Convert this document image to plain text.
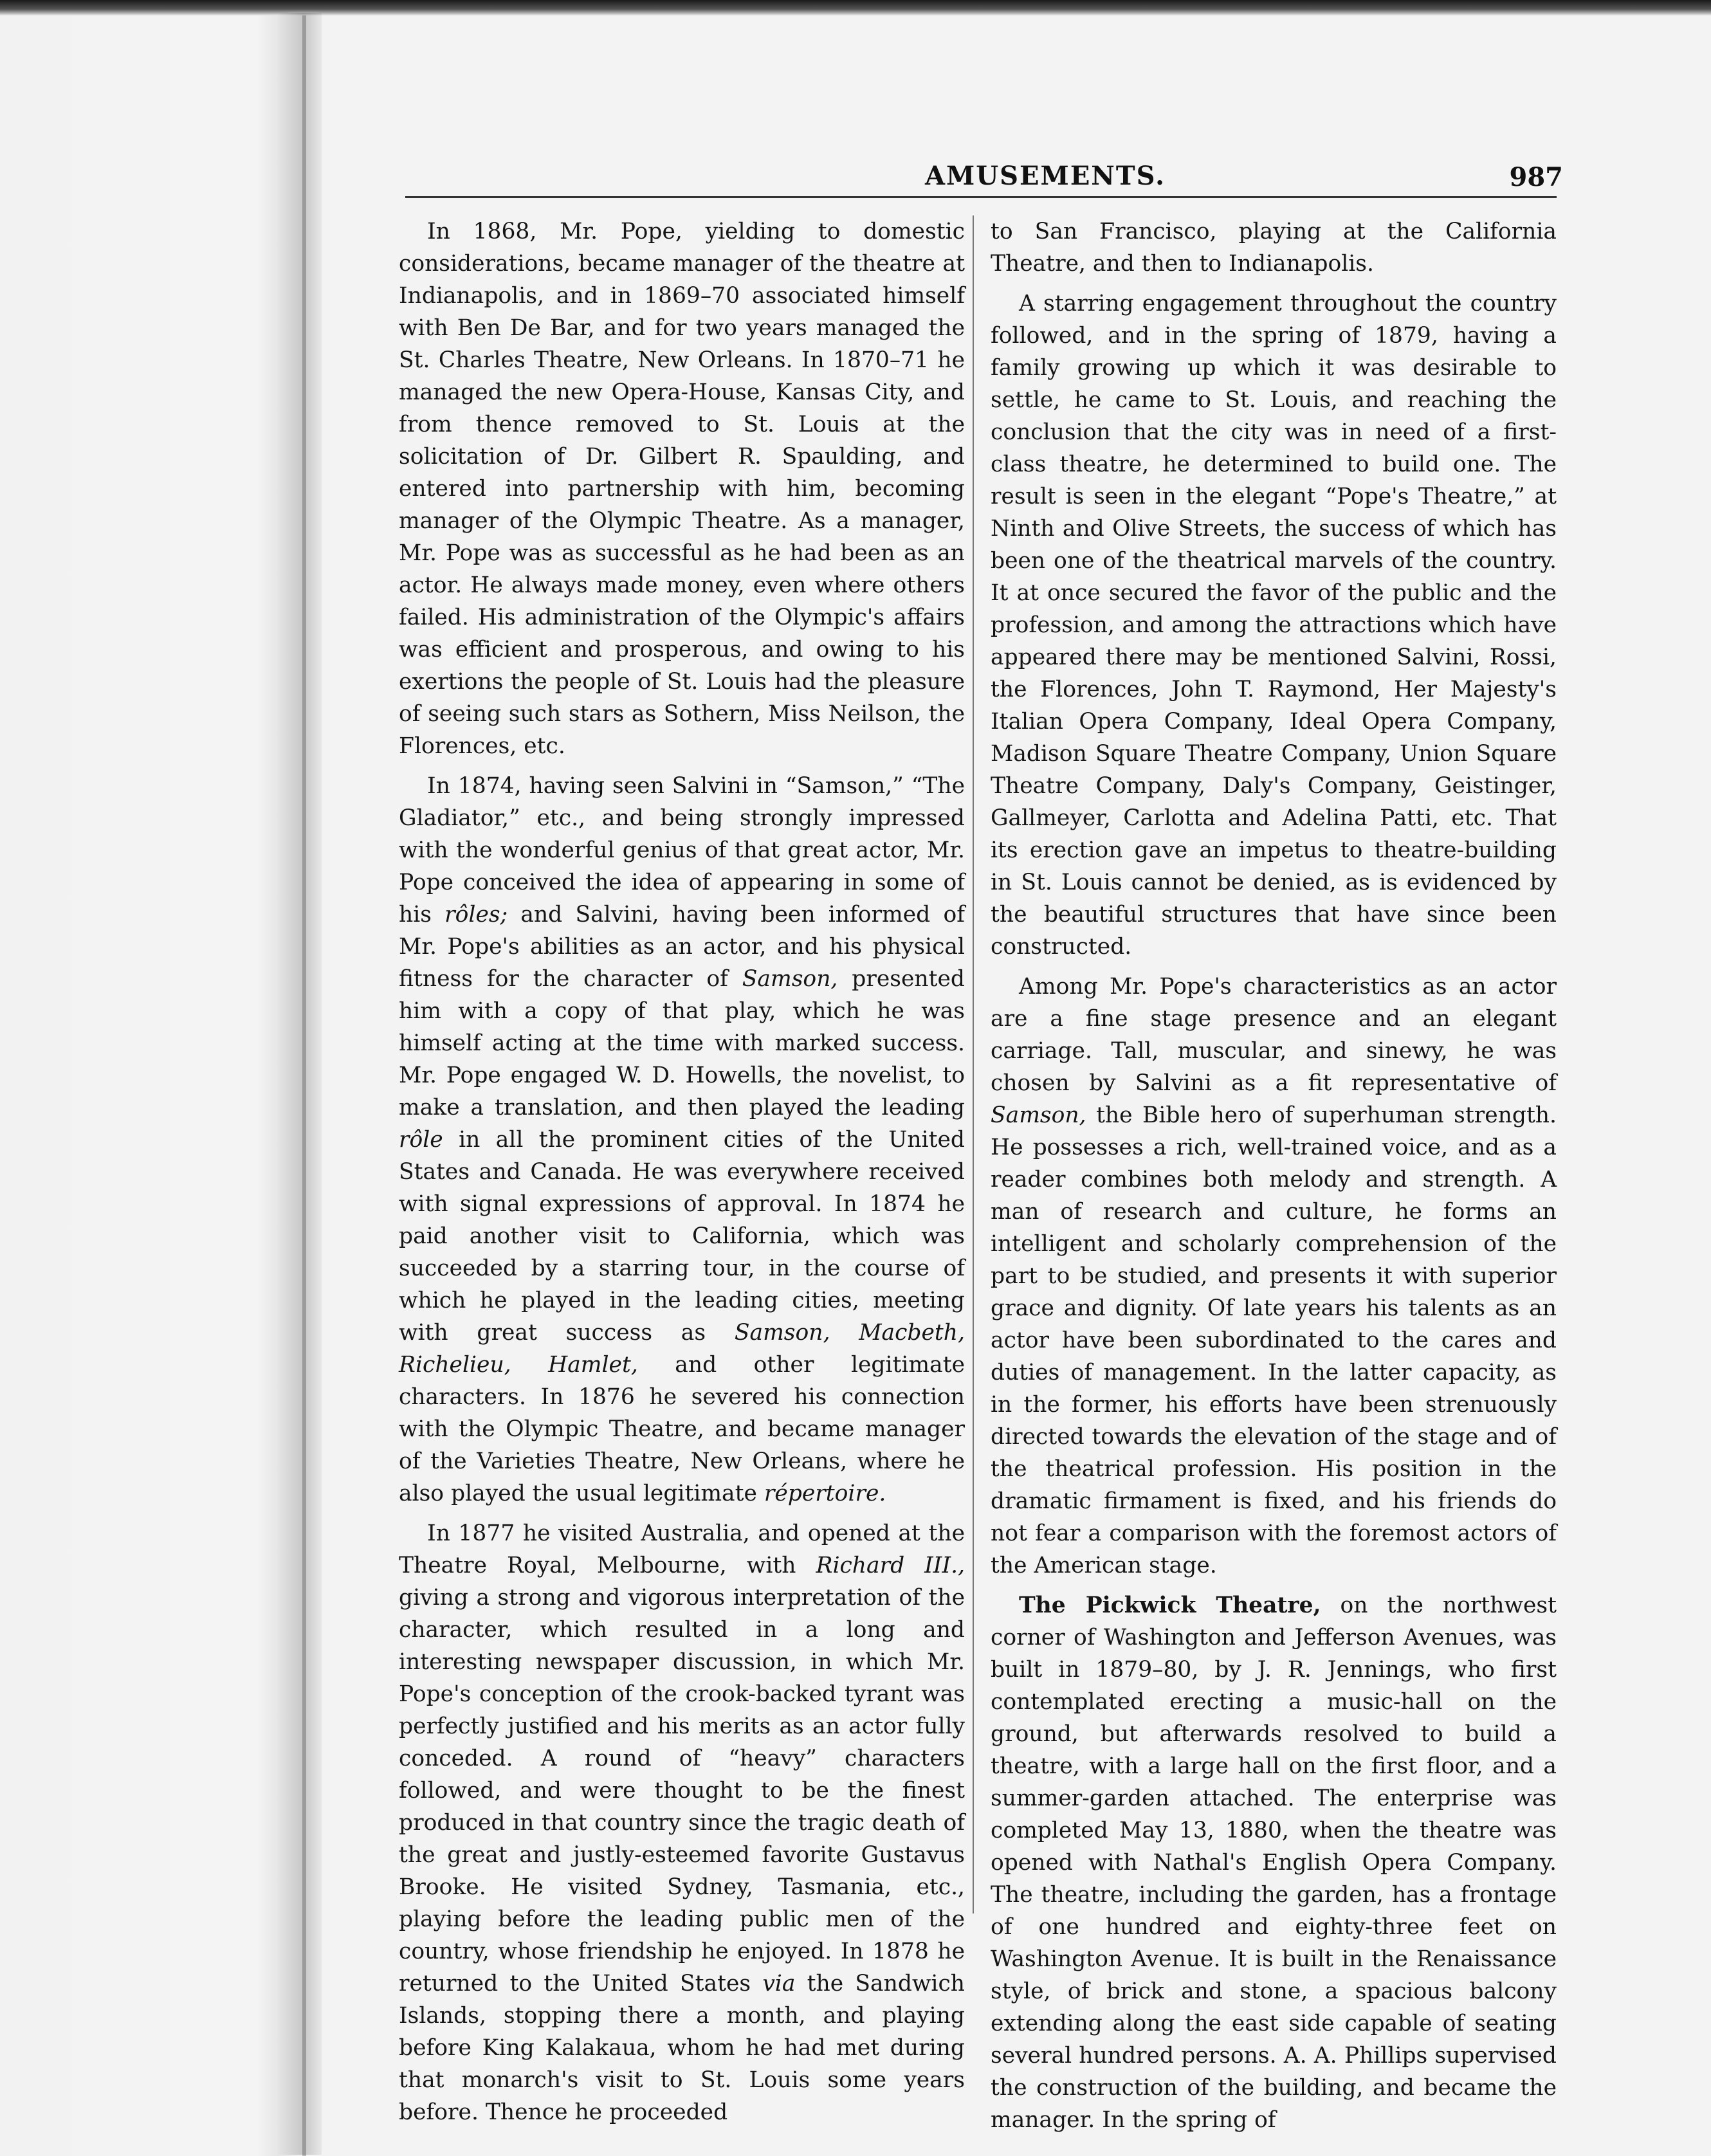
AMUSEMENTS.	987

In 1868, Mr. Pope, yielding to domestic considerations, became manager of the theatre at Indianapolis, and in 1869–70 associated himself with Ben De Bar, and for two years managed the St. Charles Theatre, New Orleans. In 1870–71 he managed the new Opera-House, Kansas City, and from thence removed to St. Louis at the solicitation of Dr. Gilbert R. Spaulding, and entered into partnership with him, becoming manager of the Olympic Theatre. As a manager, Mr. Pope was as successful as he had been as an actor. He always made money, even where others failed. His administration of the Olympic's affairs was efficient and prosperous, and owing to his exertions the people of St. Louis had the pleasure of seeing such stars as Sothern, Miss Neilson, the Florences, etc.

In 1874, having seen Salvini in “Samson,” “The Gladiator,” etc., and being strongly impressed with the wonderful genius of that great actor, Mr. Pope conceived the idea of appearing in some of his rôles; and Salvini, having been informed of Mr. Pope's abilities as an actor, and his physical fitness for the character of Samson, presented him with a copy of that play, which he was himself acting at the time with marked success. Mr. Pope engaged W. D. Howells, the novelist, to make a translation, and then played the leading rôle in all the prominent cities of the United States and Canada. He was everywhere received with signal expressions of approval. In 1874 he paid another visit to California, which was succeeded by a starring tour, in the course of which he played in the leading cities, meeting with great success as Samson, Macbeth, Richelieu, Hamlet, and other legitimate characters. In 1876 he severed his connection with the Olympic Theatre, and became manager of the Varieties Theatre, New Orleans, where he also played the usual legitimate répertoire.

In 1877 he visited Australia, and opened at the Theatre Royal, Melbourne, with Richard III., giving a strong and vigorous interpretation of the character, which resulted in a long and interesting newspaper discussion, in which Mr. Pope's conception of the crook-backed tyrant was perfectly justified and his merits as an actor fully conceded. A round of “heavy” characters followed, and were thought to be the finest produced in that country since the tragic death of the great and justly-esteemed favorite Gustavus Brooke. He visited Sydney, Tasmania, etc., playing before the leading public men of the country, whose friendship he enjoyed. In 1878 he returned to the United States via the Sandwich Islands, stopping there a month, and playing before King Kalakaua, whom he had met during that monarch's visit to St. Louis some years before. Thence he proceeded

to San Francisco, playing at the California Theatre, and then to Indianapolis.

A starring engagement throughout the country followed, and in the spring of 1879, having a family growing up which it was desirable to settle, he came to St. Louis, and reaching the conclusion that the city was in need of a first-class theatre, he determined to build one. The result is seen in the elegant “Pope's Theatre,” at Ninth and Olive Streets, the success of which has been one of the theatrical marvels of the country. It at once secured the favor of the public and the profession, and among the attractions which have appeared there may be mentioned Salvini, Rossi, the Florences, John T. Raymond, Her Majesty's Italian Opera Company, Ideal Opera Company, Madison Square Theatre Company, Union Square Theatre Company, Daly's Company, Geistinger, Gallmeyer, Carlotta and Adelina Patti, etc. That its erection gave an impetus to theatre-building in St. Louis cannot be denied, as is evidenced by the beautiful structures that have since been constructed.

Among Mr. Pope's characteristics as an actor are a fine stage presence and an elegant carriage. Tall, muscular, and sinewy, he was chosen by Salvini as a fit representative of Samson, the Bible hero of superhuman strength. He possesses a rich, well-trained voice, and as a reader combines both melody and strength. A man of research and culture, he forms an intelligent and scholarly comprehension of the part to be studied, and presents it with superior grace and dignity. Of late years his talents as an actor have been subordinated to the cares and duties of management. In the latter capacity, as in the former, his efforts have been strenuously directed towards the elevation of the stage and of the theatrical profession. His position in the dramatic firmament is fixed, and his friends do not fear a comparison with the foremost actors of the American stage.

The Pickwick Theatre, on the northwest corner of Washington and Jefferson Avenues, was built in 1879–80, by J. R. Jennings, who first contemplated erecting a music-hall on the ground, but afterwards resolved to build a theatre, with a large hall on the first floor, and a summer-garden attached. The enterprise was completed May 13, 1880, when the theatre was opened with Nathal's English Opera Company. The theatre, including the garden, has a frontage of one hundred and eighty-three feet on Washington Avenue. It is built in the Renaissance style, of brick and stone, a spacious balcony extending along the east side capable of seating several hundred persons. A. A. Phillips supervised the construction of the building, and became the manager. In the spring of
